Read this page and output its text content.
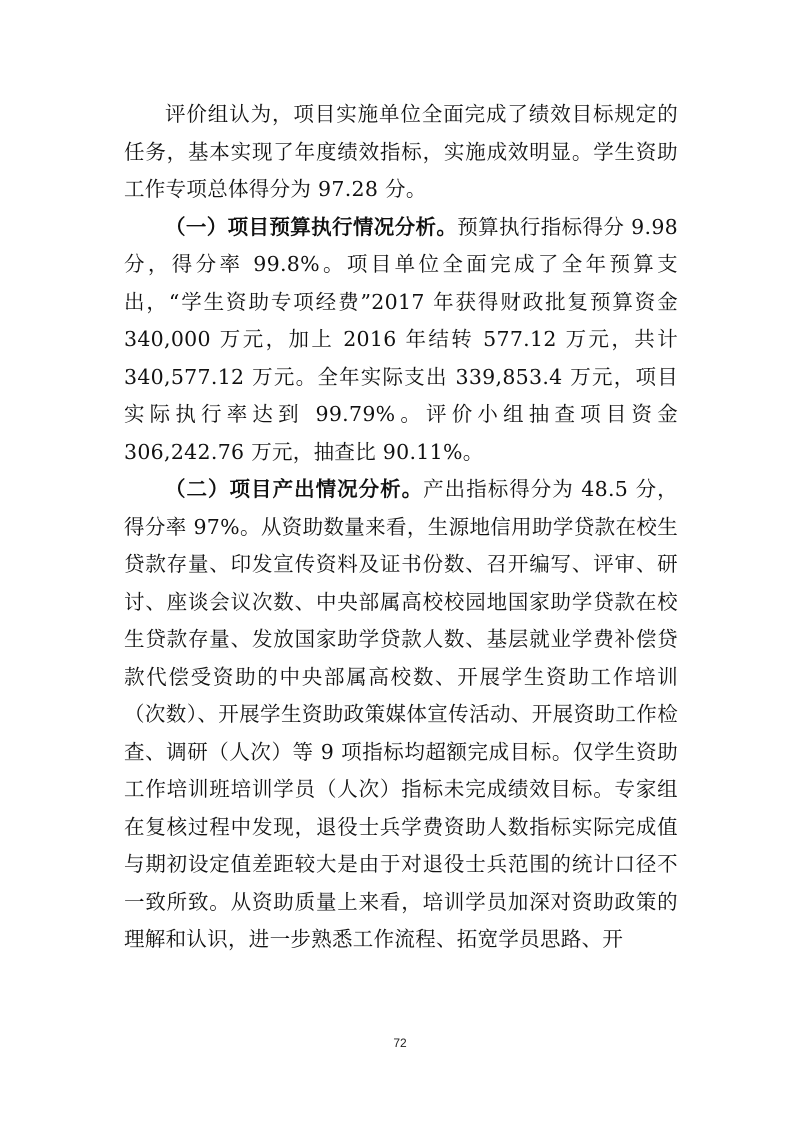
评价组认为，项目实施单位全面完成了绩效目标规定的任务，基本实现了年度绩效指标，实施成效明显。学生资助工作专项总体得分为 97.28 分。

（一）项目预算执行情况分析。预算执行指标得分 9.98 分，得分率 99.8%。项目单位全面完成了全年预算支出，“学生资助专项经费”2017 年获得财政批复预算资金 340,000 万元，加上 2016 年结转 577.12 万元，共计 340,577.12 万元。全年实际支出 339,853.4 万元，项目实际执行率达到 99.79%。评价小组抽查项目资金 306,242.76 万元，抽查比 90.11%。

（二）项目产出情况分析。产出指标得分为 48.5 分，得分率 97%。从资助数量来看，生源地信用助学贷款在校生贷款存量、印发宣传资料及证书份数、召开编写、评审、研讨、座谈会议次数、中央部属高校校园地国家助学贷款在校生贷款存量、发放国家助学贷款人数、基层就业学费补偿贷款代偿受资助的中央部属高校数、开展学生资助工作培训（次数）、开展学生资助政策媒体宣传活动、开展资助工作检查、调研（人次）等 9 项指标均超额完成目标。仅学生资助工作培训班培训学员（人次）指标未完成绩效目标。专家组在复核过程中发现，退役士兵学费资助人数指标实际完成值与期初设定值差距较大是由于对退役士兵范围的统计口径不一致所致。从资助质量上来看，培训学员加深对资助政策的理解和认识，进一步熟悉工作流程、拓宽学员思路、开

72
